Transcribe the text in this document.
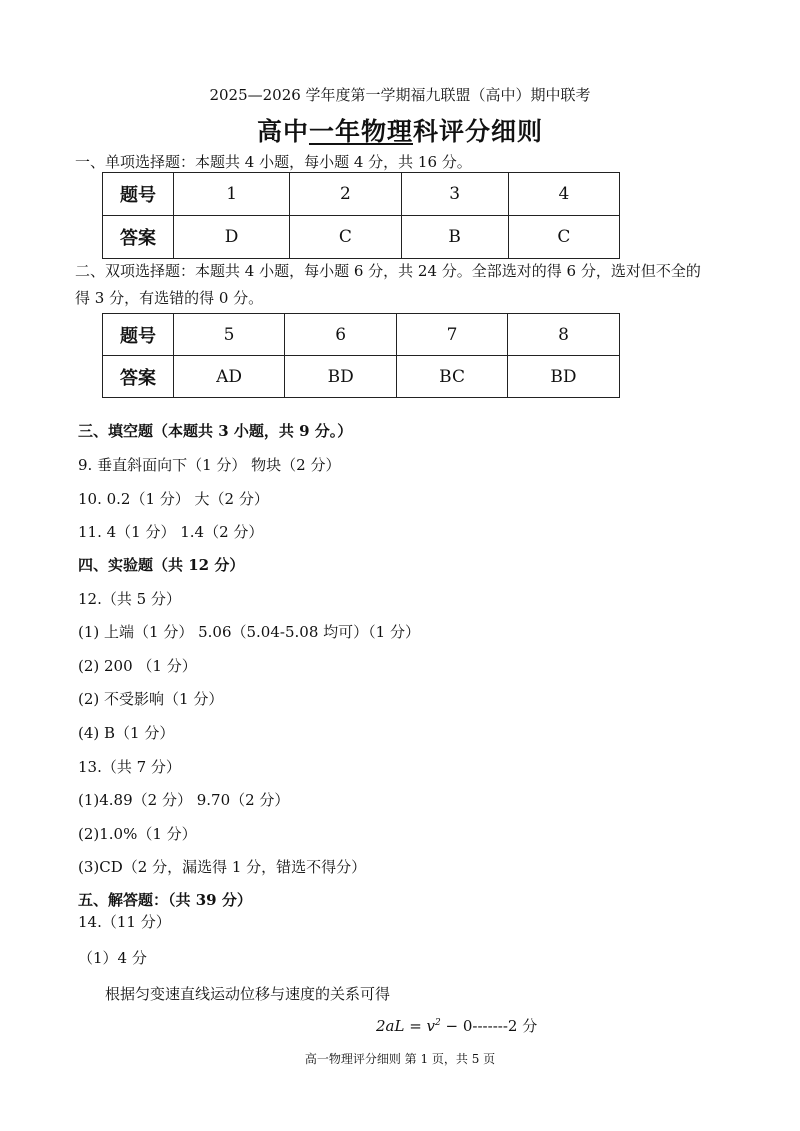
2025—2026 学年度第一学期福九联盟（高中）期中联考
高中一年物理科评分细则
一、单项选择题：本题共 4 小题，每小题 4 分，共 16 分。
题号	1	2	3	4
答案	D	C	B	C
二、双项选择题：本题共 4 小题，每小题 6 分，共 24 分。全部选对的得 6 分，选对但不全的
得 3 分，有选错的得 0 分。
题号	5	6	7	8
答案	AD	BD	BC	BD
三、填空题（本题共 3 小题，共 9 分。）
9. 垂直斜面向下（1 分） 物块（2 分）
10. 0.2（1 分） 大（2 分）
11. 4（1 分） 1.4（2 分）
四、实验题（共 12 分）
12.（共 5 分）
(1) 上端（1 分） 5.06（5.04-5.08 均可）（1 分）
(2) 200 （1 分）
(2) 不受影响（1 分）
(4) B（1 分）
13.（共 7 分）
(1)4.89（2 分） 9.70（2 分）
(2)1.0%（1 分）
(3)CD（2 分，漏选得 1 分，错选不得分）
五、解答题：（共 39 分）
14.（11 分）
（1）4 分
根据匀变速直线运动位移与速度的关系可得
$2aL = v^2 - 0-------2$ 分
高一物理评分细则 第 1 页，共 5 页
